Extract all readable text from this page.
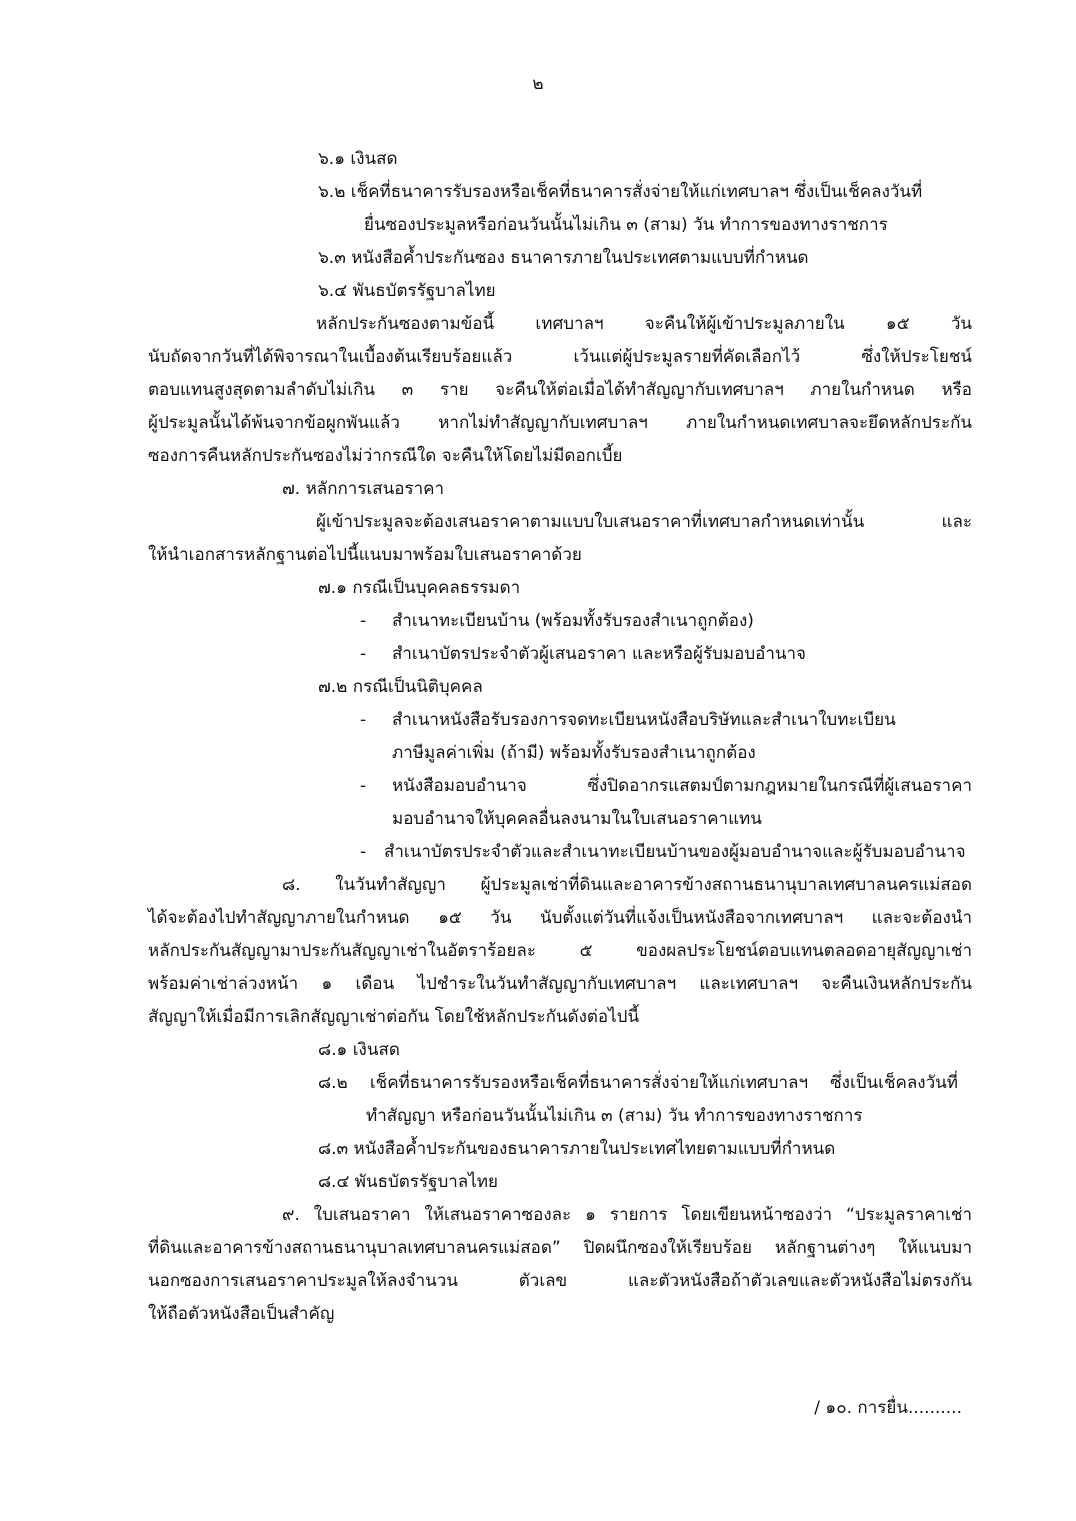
๒
๖.๑ เงินสด
๖.๒ เช็คที่ธนาคารรับรองหรือเช็คที่ธนาคารสั่งจ่ายให้แก่เทศบาลฯ ซึ่งเป็นเช็คลงวันที่
ยื่นซองประมูลหรือก่อนวันนั้นไม่เกิน ๓ (สาม) วัน ทำการของทางราชการ
๖.๓ หนังสือค้ำประกันซอง ธนาคารภายในประเทศตามแบบที่กำหนด
๖.๔ พันธบัตรรัฐบาลไทย
หลักประกันซองตามข้อนี้ เทศบาลฯ จะคืนให้ผู้เข้าประมูลภายใน ๑๕ วัน
นับถัดจากวันที่ได้พิจารณาในเบื้องต้นเรียบร้อยแล้ว เว้นแต่ผู้ประมูลรายที่คัดเลือกไว้ ซึ่งให้ประโยชน์
ตอบแทนสูงสุดตามลำดับไม่เกิน ๓ ราย จะคืนให้ต่อเมื่อได้ทำสัญญากับเทศบาลฯ ภายในกำหนด หรือ
ผู้ประมูลนั้นได้พ้นจากข้อผูกพันแล้ว หากไม่ทำสัญญากับเทศบาลฯ ภายในกำหนดเทศบาลจะยึดหลักประกัน
ซองการคืนหลักประกันซองไม่ว่ากรณีใด จะคืนให้โดยไม่มีดอกเบี้ย
๗. หลักการเสนอราคา
ผู้เข้าประมูลจะต้องเสนอราคาตามแบบใบเสนอราคาที่เทศบาลกำหนดเท่านั้น และ
ให้นำเอกสารหลักฐานต่อไปนี้แนบมาพร้อมใบเสนอราคาด้วย
๗.๑ กรณีเป็นบุคคลธรรมดา
- สำเนาทะเบียนบ้าน (พร้อมทั้งรับรองสำเนาถูกต้อง)
- สำเนาบัตรประจำตัวผู้เสนอราคา และหรือผู้รับมอบอำนาจ
๗.๒ กรณีเป็นนิติบุคคล
- สำเนาหนังสือรับรองการจดทะเบียนหนังสือบริษัทและสำเนาใบทะเบียน
ภาษีมูลค่าเพิ่ม (ถ้ามี) พร้อมทั้งรับรองสำเนาถูกต้อง
- หนังสือมอบอำนาจ ซึ่งปิดอากรแสตมป์ตามกฎหมายในกรณีที่ผู้เสนอราคา
มอบอำนาจให้บุคคลอื่นลงนามในใบเสนอราคาแทน
- สำเนาบัตรประจำตัวและสำเนาทะเบียนบ้านของผู้มอบอำนาจและผู้รับมอบอำนาจ
๘. ในวันทำสัญญา ผู้ประมูลเช่าที่ดินและอาคารข้างสถานธนานุบาลเทศบาลนครแม่สอด
ได้จะต้องไปทำสัญญาภายในกำหนด ๑๕ วัน นับตั้งแต่วันที่แจ้งเป็นหนังสือจากเทศบาลฯ และจะต้องนำ
หลักประกันสัญญามาประกันสัญญาเช่าในอัตราร้อยละ ๕ ของผลประโยชน์ตอบแทนตลอดอายุสัญญาเช่า
พร้อมค่าเช่าล่วงหน้า ๑ เดือน ไปชำระในวันทำสัญญากับเทศบาลฯ และเทศบาลฯ จะคืนเงินหลักประกัน
สัญญาให้เมื่อมีการเลิกสัญญาเช่าต่อกัน โดยใช้หลักประกันดังต่อไปนี้
๘.๑ เงินสด
๘.๒ เช็คที่ธนาคารรับรองหรือเช็คที่ธนาคารสั่งจ่ายให้แก่เทศบาลฯ ซึ่งเป็นเช็คลงวันที่
ทำสัญญา หรือก่อนวันนั้นไม่เกิน ๓ (สาม) วัน ทำการของทางราชการ
๘.๓ หนังสือค้ำประกันของธนาคารภายในประเทศไทยตามแบบที่กำหนด
๘.๔ พันธบัตรรัฐบาลไทย
๙. ใบเสนอราคา ให้เสนอราคาซองละ ๑ รายการ โดยเขียนหน้าซองว่า “ประมูลราคาเช่า
ที่ดินและอาคารข้างสถานธนานุบาลเทศบาลนครแม่สอด” ปิดผนึกซองให้เรียบร้อย หลักฐานต่างๆ ให้แนบมา
นอกซองการเสนอราคาประมูลให้ลงจำนวน ตัวเลข และตัวหนังสือถ้าตัวเลขและตัวหนังสือไม่ตรงกัน
ให้ถือตัวหนังสือเป็นสำคัญ
/ ๑๐. การยื่น..........
